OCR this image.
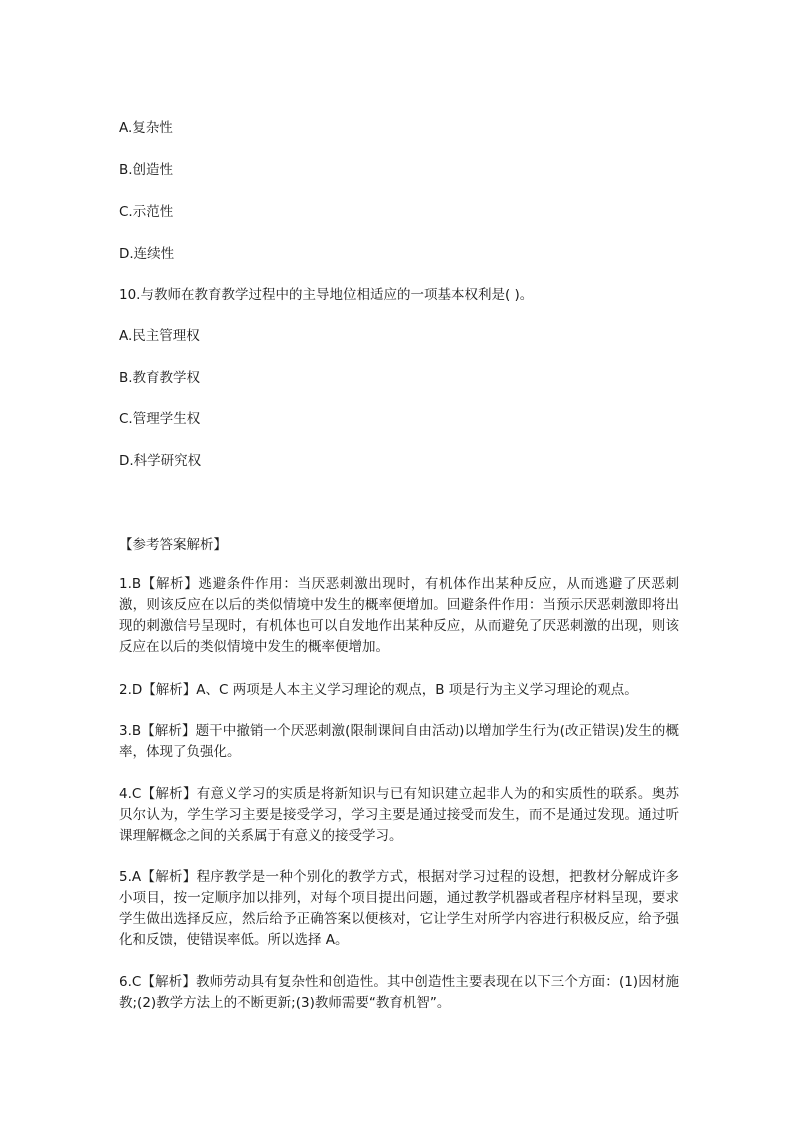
A.复杂性

B.创造性

C.示范性

D.连续性

10.与教师在教育教学过程中的主导地位相适应的一项基本权利是( )。

A.民主管理权

B.教育教学权

C.管理学生权

D.科学研究权

【参考答案解析】

1.B【解析】逃避条件作用：当厌恶刺激出现时，有机体作出某种反应，从而逃避了厌恶刺激，则该反应在以后的类似情境中发生的概率便增加。回避条件作用：当预示厌恶刺激即将出现的刺激信号呈现时，有机体也可以自发地作出某种反应，从而避免了厌恶刺激的出现，则该反应在以后的类似情境中发生的概率便增加。

2.D【解析】A、C 两项是人本主义学习理论的观点，B 项是行为主义学习理论的观点。

3.B【解析】题干中撤销一个厌恶刺激(限制课间自由活动)以增加学生行为(改正错误)发生的概率，体现了负强化。

4.C【解析】有意义学习的实质是将新知识与已有知识建立起非人为的和实质性的联系。奥苏贝尔认为，学生学习主要是接受学习，学习主要是通过接受而发生，而不是通过发现。通过听课理解概念之间的关系属于有意义的接受学习。

5.A【解析】程序教学是一种个别化的教学方式，根据对学习过程的设想，把教材分解成许多小项目，按一定顺序加以排列，对每个项目提出问题，通过教学机器或者程序材料呈现，要求学生做出选择反应，然后给予正确答案以便核对，它让学生对所学内容进行积极反应，给予强化和反馈，使错误率低。所以选择 A。

6.C【解析】教师劳动具有复杂性和创造性。其中创造性主要表现在以下三个方面：(1)因材施教;(2)教学方法上的不断更新;(3)教师需要“教育机智”。
